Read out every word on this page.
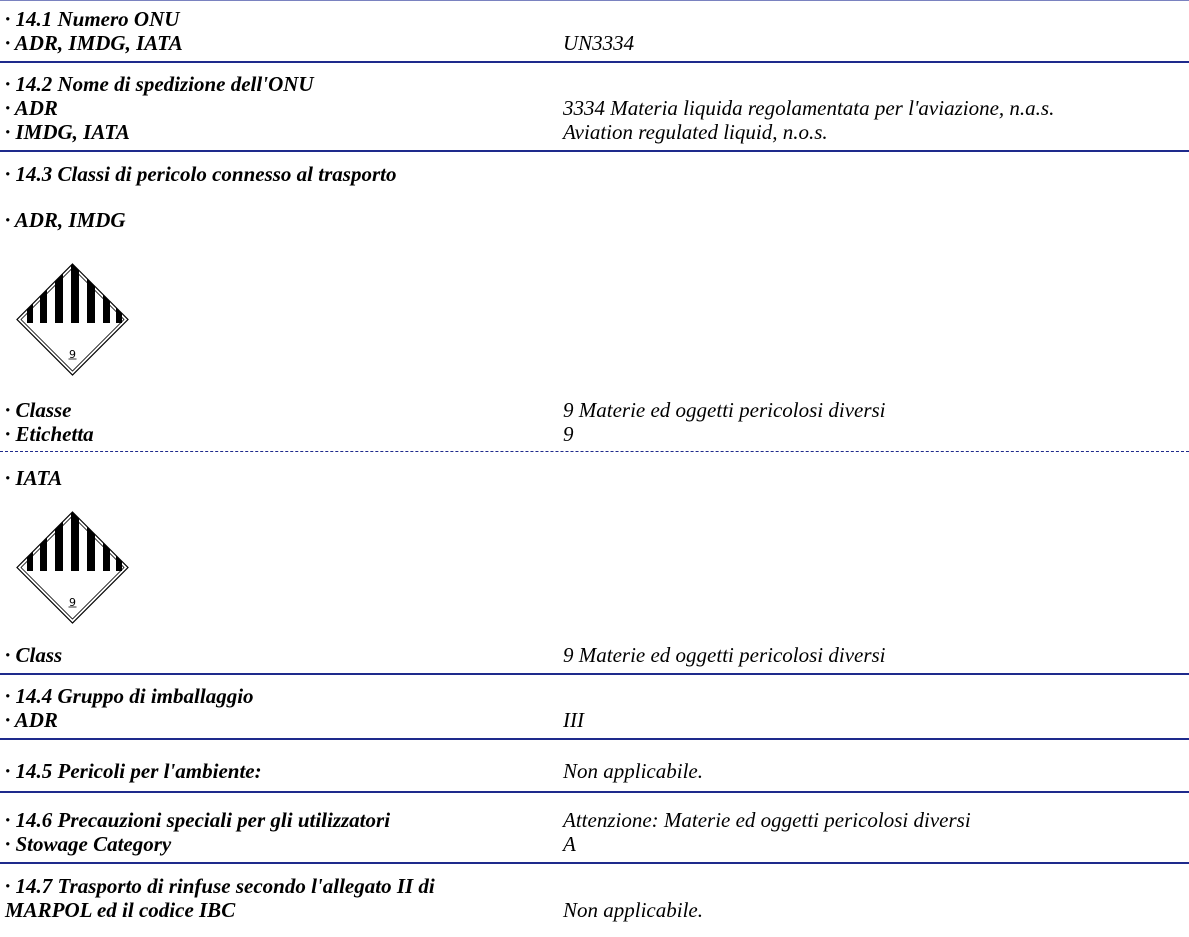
· 14.1 Numero ONU
· ADR, IMDG, IATA	UN3334
· 14.2 Nome di spedizione dell'ONU
· ADR	3334 Materia liquida regolamentata per l'aviazione, n.a.s.
· IMDG, IATA	Aviation regulated liquid, n.o.s.
· 14.3 Classi di pericolo connesso al trasporto
· ADR, IMDG
9
· Classe	9 Materie ed oggetti pericolosi diversi
· Etichetta	9
· IATA
9
· Class	9 Materie ed oggetti pericolosi diversi
· 14.4 Gruppo di imballaggio
· ADR	III
· 14.5 Pericoli per l'ambiente:	Non applicabile.
· 14.6 Precauzioni speciali per gli utilizzatori	Attenzione: Materie ed oggetti pericolosi diversi
· Stowage Category	A
· 14.7 Trasporto di rinfuse secondo l'allegato II di
MARPOL ed il codice IBC	Non applicabile.
